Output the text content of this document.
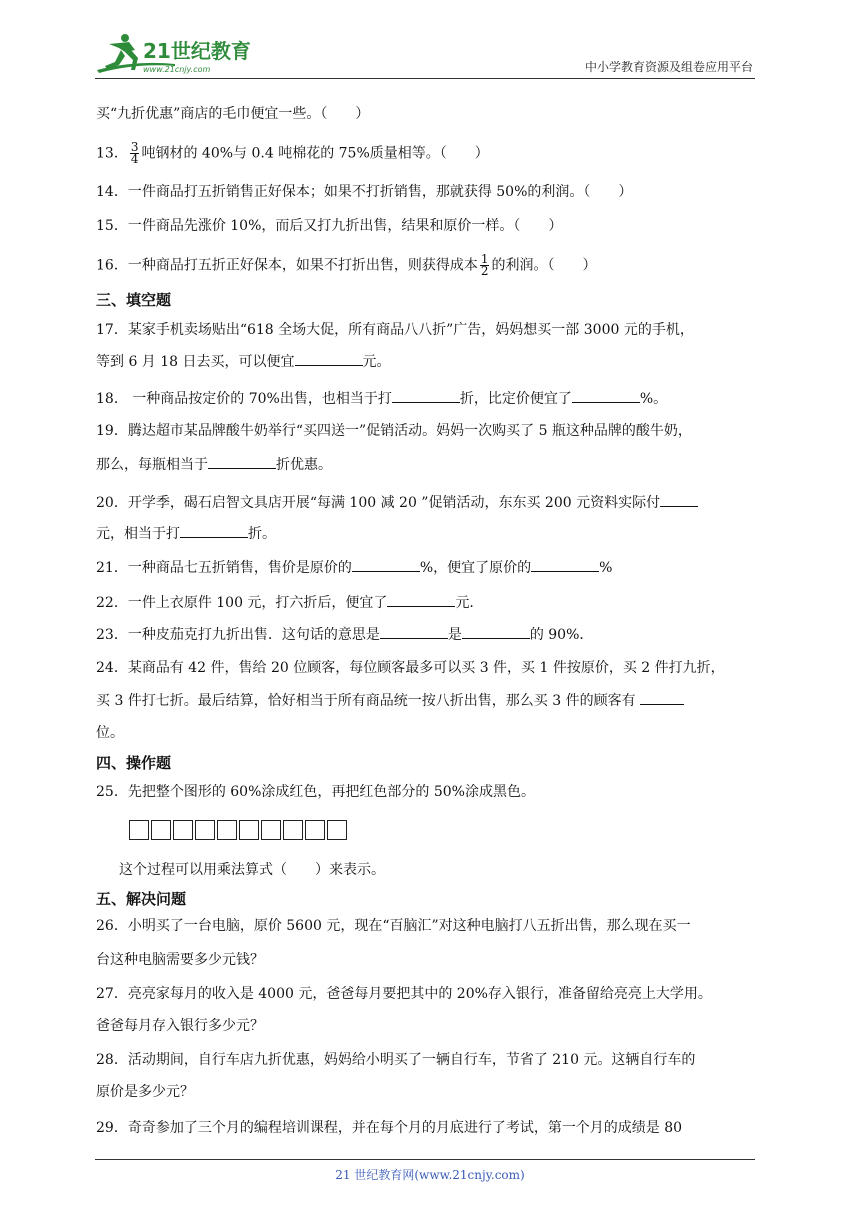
21世纪教育
www.21cnjy.com	中小学教育资源及组卷应用平台
买“九折优惠”商店的毛巾便宜一些。（　　）
13． $\frac{3}{4}$ 吨钢材的 40%与 0.4 吨棉花的 75%质量相等。（　　）
14．一件商品打五折销售正好保本；如果不打折销售，那就获得 50%的利润。（　　）
15．一件商品先涨价 10%，而后又打九折出售，结果和原价一样。（　　）
16．一种商品打五折正好保本，如果不打折出售，则获得成本 $\frac{1}{2}$ 的利润。（　　）
三、填空题
17．某家手机卖场贴出“618 全场大促，所有商品八八折”广告，妈妈想买一部 3000 元的手机，
等到 6 月 18 日去买，可以便宜	元。
18． 一种商品按定价的 70%出售，也相当于打	折，比定价便宜了	%。
19．腾达超市某品牌酸牛奶举行“买四送一”促销活动。妈妈一次购买了 5 瓶这种品牌的酸牛奶，
那么，每瓶相当于	折优惠。
20．开学季，碣石启智文具店开展“每满 100 减 20 ”促销活动，东东买 200 元资料实际付
元，相当于打	折。
21．一种商品七五折销售，售价是原价的	%，便宜了原价的	%
22．一件上衣原件 100 元，打六折后，便宜了	元.
23．一种皮茄克打九折出售．这句话的意思是	是	的 90%．
24．某商品有 42 件，售给 20 位顾客，每位顾客最多可以买 3 件，买 1 件按原价，买 2 件打九折，
买 3 件打七折。最后结算，恰好相当于所有商品统一按八折出售，那么买 3 件的顾客有
位。
四、操作题
25．先把整个图形的 60%涂成红色，再把红色部分的 50%涂成黑色。
这个过程可以用乘法算式（　　）来表示。
五、解决问题
26．小明买了一台电脑，原价 5600 元，现在“百脑汇”对这种电脑打八五折出售，那么现在买一
台这种电脑需要多少元钱？
27．亮亮家每月的收入是 4000 元，爸爸每月要把其中的 20%存入银行，准备留给亮亮上大学用。
爸爸每月存入银行多少元？
28．活动期间，自行车店九折优惠，妈妈给小明买了一辆自行车，节省了 210 元。这辆自行车的
原价是多少元？
29．奇奇参加了三个月的编程培训课程，并在每个月的月底进行了考试，第一个月的成绩是 80
21 世纪教育网(www.21cnjy.com)
